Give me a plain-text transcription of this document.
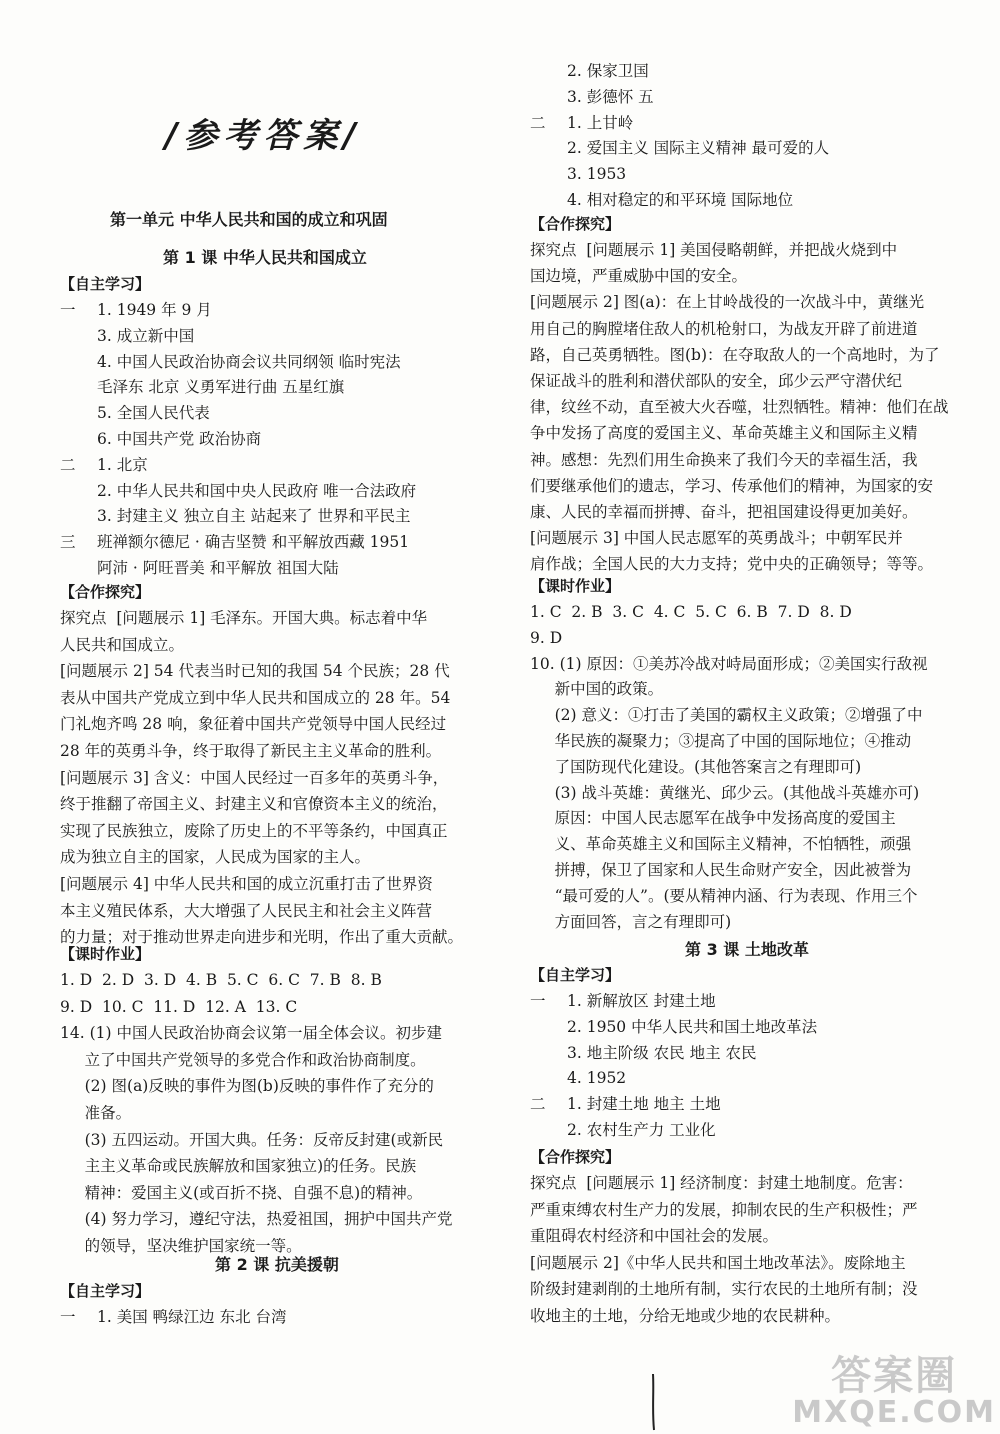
/参考答案/
第一单元 中华人民共和国的成立和巩固
第 1 课 中华人民共和国成立
【自主学习】
一 1. 1949 年 9 月
3. 成立新中国
4. 中国人民政治协商会议共同纲领 临时宪法
毛泽东 北京 义勇军进行曲 五星红旗
5. 全国人民代表
6. 中国共产党 政治协商
二 1. 北京
2. 中华人民共和国中央人民政府 唯一合法政府
3. 封建主义 独立自主 站起来了 世界和平民主
三 班禅额尔德尼 · 确吉坚赞 和平解放西藏 1951
阿沛 · 阿旺晋美 和平解放 祖国大陆
【合作探究】
探究点  [问题展示 1] 毛泽东。开国大典。标志着中华
人民共和国成立。
[问题展示 2] 54 代表当时已知的我国 54 个民族；28 代
表从中国共产党成立到中华人民共和国成立的 28 年。54
门礼炮齐鸣 28 响，象征着中国共产党领导中国人民经过
28 年的英勇斗争，终于取得了新民主主义革命的胜利。
[问题展示 3] 含义：中国人民经过一百多年的英勇斗争，
终于推翻了帝国主义、封建主义和官僚资本主义的统治，
实现了民族独立，废除了历史上的不平等条约，中国真正
成为独立自主的国家，人民成为国家的主人。
[问题展示 4] 中华人民共和国的成立沉重打击了世界资
本主义殖民体系，大大增强了人民民主和社会主义阵营
的力量；对于推动世界走向进步和光明，作出了重大贡献。
【课时作业】
1. D  2. D  3. D  4. B  5. C  6. C  7. B  8. B
9. D  10. C  11. D  12. A  13. C
14. (1) 中国人民政治协商会议第一届全体会议。初步建
立了中国共产党领导的多党合作和政治协商制度。
(2) 图(a)反映的事件为图(b)反映的事件作了充分的
准备。
(3) 五四运动。开国大典。任务：反帝反封建(或新民
主主义革命或民族解放和国家独立)的任务。民族
精神：爱国主义(或百折不挠、自强不息)的精神。
(4) 努力学习，遵纪守法，热爱祖国，拥护中国共产党
的领导，坚决维护国家统一等。
第 2 课 抗美援朝
【自主学习】
一 1. 美国 鸭绿江边 东北 台湾
2. 保家卫国
3. 彭德怀 五
二 1. 上甘岭
2. 爱国主义 国际主义精神 最可爱的人
3. 1953
4. 相对稳定的和平环境 国际地位
【合作探究】
探究点  [问题展示 1] 美国侵略朝鲜，并把战火烧到中
国边境，严重威胁中国的安全。
[问题展示 2] 图(a)：在上甘岭战役的一次战斗中，黄继光
用自己的胸膛堵住敌人的机枪射口，为战友开辟了前进道
路，自己英勇牺牲。图(b)：在夺取敌人的一个高地时，为了
保证战斗的胜利和潜伏部队的安全，邱少云严守潜伏纪
律，纹丝不动，直至被大火吞噬，壮烈牺牲。精神：他们在战
争中发扬了高度的爱国主义、革命英雄主义和国际主义精
神。感想：先烈们用生命换来了我们今天的幸福生活，我
们要继承他们的遗志，学习、传承他们的精神，为国家的安
康、人民的幸福而拼搏、奋斗，把祖国建设得更加美好。
[问题展示 3] 中国人民志愿军的英勇战斗；中朝军民并
肩作战；全国人民的大力支持；党中央的正确领导；等等。
【课时作业】
1. C  2. B  3. C  4. C  5. C  6. B  7. D  8. D
9. D
10. (1) 原因：①美苏冷战对峙局面形成；②美国实行敌视
新中国的政策。
(2) 意义：①打击了美国的霸权主义政策；②增强了中
华民族的凝聚力；③提高了中国的国际地位；④推动
了国防现代化建设。(其他答案言之有理即可)
(3) 战斗英雄：黄继光、邱少云。(其他战斗英雄亦可)
原因：中国人民志愿军在战争中发扬高度的爱国主
义、革命英雄主义和国际主义精神，不怕牺牲，顽强
拼搏，保卫了国家和人民生命财产安全，因此被誉为
“最可爱的人”。(要从精神内涵、行为表现、作用三个
方面回答，言之有理即可)
第 3 课 土地改革
【自主学习】
一 1. 新解放区 封建土地
2. 1950 中华人民共和国土地改革法
3. 地主阶级 农民 地主 农民
4. 1952
二 1. 封建土地 地主 土地
2. 农村生产力 工业化
【合作探究】
探究点  [问题展示 1] 经济制度：封建土地制度。危害：
严重束缚农村生产力的发展，抑制农民的生产积极性；严
重阻碍农村经济和中国社会的发展。
[问题展示 2]《中华人民共和国土地改革法》。废除地主
阶级封建剥削的土地所有制，实行农民的土地所有制；没
收地主的土地，分给无地或少地的农民耕种。
答案圈
MXQE.COM
